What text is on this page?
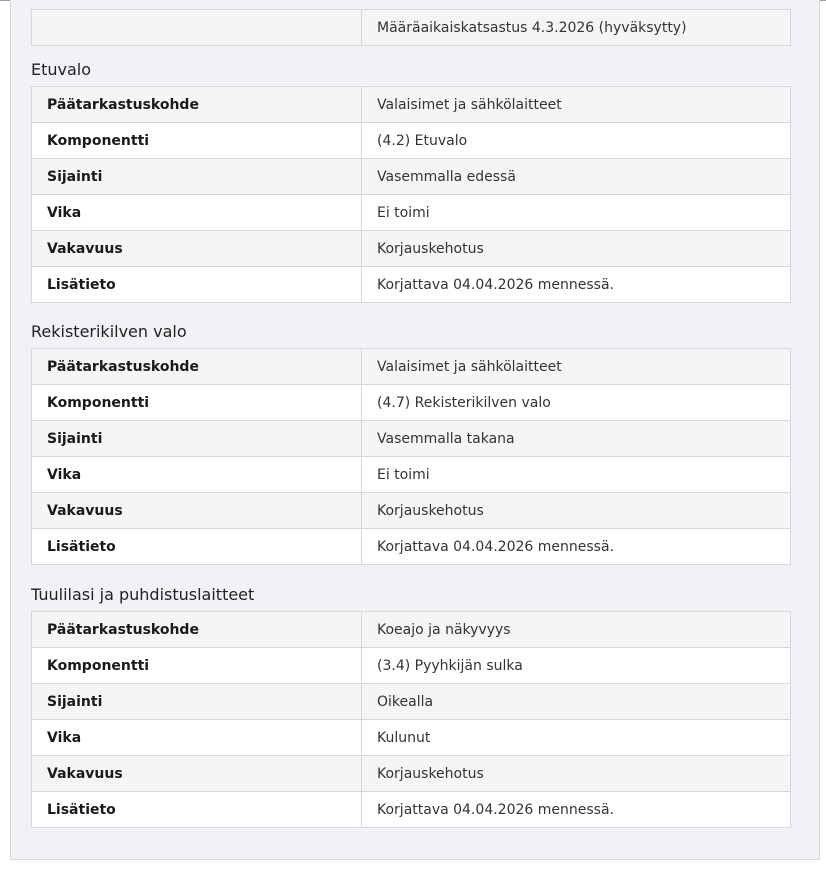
	Määräaikaiskatsastus 4.3.2026 (hyväksytty)
Etuvalo
Päätarkastuskohde	Valaisimet ja sähkölaitteet
Komponentti	(4.2) Etuvalo
Sijainti	Vasemmalla edessä
Vika	Ei toimi
Vakavuus	Korjauskehotus
Lisätieto	Korjattava 04.04.2026 mennessä.
Rekisterikilven valo
Päätarkastuskohde	Valaisimet ja sähkölaitteet
Komponentti	(4.7) Rekisterikilven valo
Sijainti	Vasemmalla takana
Vika	Ei toimi
Vakavuus	Korjauskehotus
Lisätieto	Korjattava 04.04.2026 mennessä.
Tuulilasi ja puhdistuslaitteet
Päätarkastuskohde	Koeajo ja näkyvyys
Komponentti	(3.4) Pyyhkijän sulka
Sijainti	Oikealla
Vika	Kulunut
Vakavuus	Korjauskehotus
Lisätieto	Korjattava 04.04.2026 mennessä.
